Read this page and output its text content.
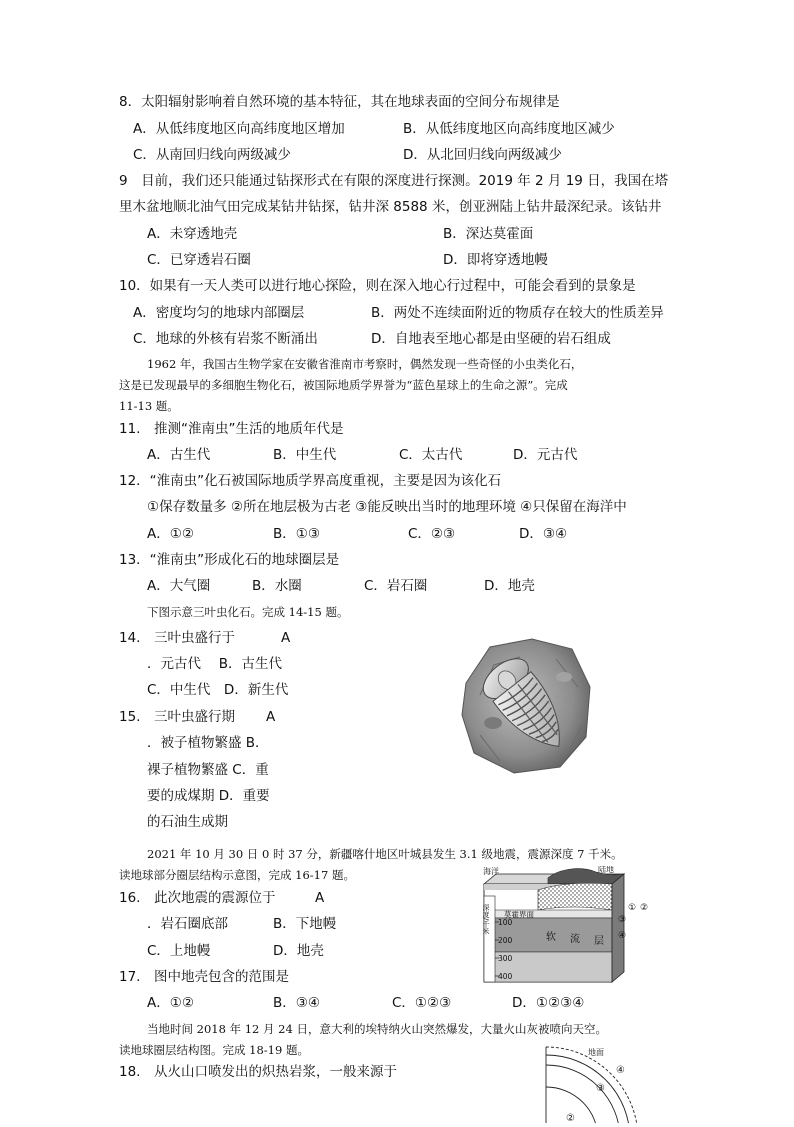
8．太阳辐射影响着自然环境的基本特征，其在地球表面的空间分布规律是
A．从低纬度地区向高纬度地区增加	B．从低纬度地区向高纬度地区减少
C．从南回归线向两级减少	D．从北回归线向两级减少
9　目前，我们还只能通过钻探形式在有限的深度进行探测。2019 年 2 月 19 日，我国在塔
里木盆地顺北油气田完成某钻井钻探，钻井深 8588 米，创亚洲陆上钻井最深纪录。该钻井
A．未穿透地壳	B．深达莫霍面
C．已穿透岩石圈	D．即将穿透地幔
10．如果有一天人类可以进行地心探险，则在深入地心行过程中，可能会看到的景象是
A．密度均匀的地球内部圈层	B．两处不连续面附近的物质存在较大的性质差异
C．地球的外核有岩浆不断涌出	D．自地表至地心都是由坚硬的岩石组成
1962 年，我国古生物学家在安徽省淮南市考察时，偶然发现一些奇怪的小虫类化石，
这是已发现最早的多细胞生物化石，被国际地质学界誉为“蓝色星球上的生命之源”。完成
11-13 题。
11.　推测“淮南虫”生活的地质年代是
A．古生代	B．中生代	C．太古代	D．元古代
12．“淮南虫”化石被国际地质学界高度重视，主要是因为该化石
①保存数量多 ②所在地层极为古老 ③能反映出当时的地理环境 ④只保留在海洋中
A．①②	B．①③	C．②③	D．③④
13．“淮南虫”形成化石的地球圈层是
A．大气圈	B．水圈	C．岩石圈	D．地壳
下图示意三叶虫化石。完成 14-15 题。
14.　三叶虫盛行于	A
．元古代　 B．古生代
C．中生代　D．新生代
15.　三叶虫盛行期 A
．被子植物繁盛 B．
裸子植物繁盛 C．重
要的成煤期 D．重要
的石油生成期
2021 年 10 月 30 日 0 时 37 分，新疆喀什地区叶城县发生 3.1 级地震，震源深度 7 千米。
读地球部分圈层结构示意图，完成 16-17 题。
16.　此次地震的震源位于	A
．岩石圈底部	B．下地幔
C．上地幔	D．地壳
17.　图中地壳包含的范围是
A．①②	B．③④	C．①②③	D．①②③④
海洋	陆地
莫霍界面
深度/千米 100
200
300
400
软 流 层
① ②
③
④
当地时间 2018 年 12 月 24 日，意大利的埃特纳火山突然爆发，大量火山灰被喷向天空。
读地球圈层结构图。完成 18-19 题。
18.　从火山口喷发出的炽热岩浆，一般来源于
地面
④
③
②
